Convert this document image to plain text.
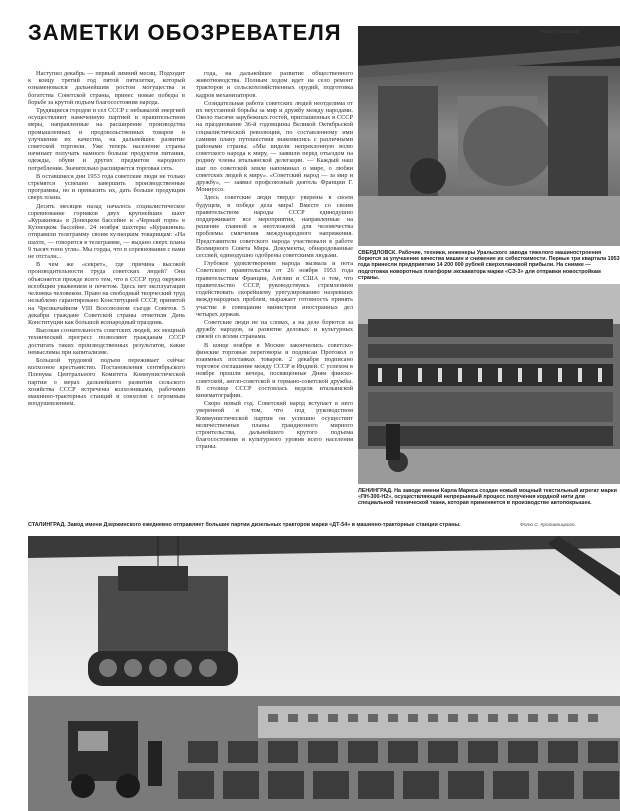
ЗАМЕТКИ ОБОЗРЕВАТЕЛЯ

Наступил декабрь — первый зимний месяц. Подходит к концу третий год пятой пятилетки, который ознаменовался дальнейшим ростом могущества и богатства Советской страны, принес новые победы в борьбе за крутой подъем благосостояния народа.

Трудящиеся городов и сел СССР с небывалой энергией осуществляют намеченную партией и правительством меры, направленные на расширение производства промышленных и продовольственных товаров и улучшение их качества, на дальнейшее развитие советской торговли. Уже теперь население страны начинает получать намного больше продуктов питания, одежды, обуви и других предметов народного потребления. Значительно расширяется торговая сеть.

В оставшиеся дни 1953 года советские люди не только стремятся успешно завершить производственные программы, но и превысить их, дать больше продукции сверх плана.

Десять месяцев назад началось социалистическое соревнование горняков двух крупнейших шахт «Куракинка» в Донецком бассейне и «Черный горн» в Кузнецком бассейне. 24 ноября шахтеры «Куракинки» отправили телеграмму своим кузнецким товарищам: «На шахте, — говорится в телеграмме, — выдано сверх плана 9 тысяч тонн угля». Мы горды, что в соревновании с вами не отстали...

В чем же «секрет», где причина высокой производительности труда советских людей? Она объясняется прежде всего тем, что в СССР труд окружен всеобщим уважением и почетом. Здесь нет эксплуатации человека человеком. Право на свободный творческий труд незыблемо гарантировано Конституцией СССР, принятой на Чрезвычайном VIII Всесоюзном съезде Советов. 5 декабря граждане Советской страны отметили День Конституции как большой всенародный праздник.

Высокая сознательность советских людей, их мощный технический прогресс позволяют гражданам СССР достигать таких производственных результатов, какие немыслимы при капитализме.

Большой трудовой подъем переживает сейчас колхозное крестьянство. Постановления сентябрьского Пленума Центрального Комитета Коммунистической партии о мерах дальнейшего развития сельского хозяйства СССР встречены колхозниками, рабочими машинно-тракторных станций и совхозов с огромным воодушевлением.

года, на дальнейшее развитие общественного животноводства. Полным ходом идет на село ремонт тракторов и сельскохозяйственных орудий, подготовка кадров механизаторов.

Созидательная работа советских людей неотделима от их неустанной борьбы за мир и дружбу между народами. Около тысячи зарубежных гостей, приглашенных в СССР на празднование 36-й годовщины Великой Октябрьской социалистической революции, по составленному ими самими плану путешествия знакомились с различными районами страны. «Мы видели непреклонную волю советского народа к миру, — заявили перед отъездом на родину члены итальянской делегации. — Каждый наш шаг по советской земле напоминал о мире, о любви советских людей к миру». «Советский народ — за мир и дружбу», — заявил профсоюзный деятель Франции Г. Мониуссо.

Здесь советские люди твердо уверены в своем будущем, в победе дела мира! Вместе со своим правительством народы СССР единодушно поддерживают все мероприятия, направленные на решение главной и неотложной для человечества проблемы смягчения международного напряжения. Представители советского народа участвовали в работе Всемирного Совета Мира. Документы, обнародованные сессией, единодушно одобрены советскими людьми.

Глубокое удовлетворение народа вызвала и нота Советского правительства от 26 ноября 1953 года правительствам Франции, Англии и США о том, что правительство СССР, руководствуясь стремлением содействовать скорейшему урегулированию назревших международных проблем, выражает готовность принять участие в совещании министров иностранных дел четырех держав.

Советские люди не на словах, а на деле борются за дружбу народов, за развитие деловых и культурных связей со всеми странами.

В конце ноября в Москве закончились советско-финские торговые переговоры и подписан Протокол о взаимных поставках товаров. 2 декабря подписано торговое соглашение между СССР и Индией. С успехом в ноябре прошли вечера, посвященные Дням финско-советской, англо-советской и германо-советской дружбы. В столице СССР состоялась неделя итальянской кинематографии.

Скоро новый год. Советский народ вступает в него уверенной в том, что под руководством Коммунистической партии он успешно осуществит величественные планы грандиозного мирного строительства, дальнейшего крутого подъема благосостояния и культурного уровня всего населения страны.

СВЕРДЛОВСК. Рабочие, техники, инженеры Уральского завода тяжелого машиностроения борются за улучшение качества машин и снижение их себестоимости. Первые три квартала 1953 года принесли предприятию 14 200 000 рублей сверхплановой прибыли. На снимке — подготовка новоротных платформ экскаватора марки «СЭ-3» для отправки новостройкам страны.
Фото А. Гракина.
ЛЕНИНГРАД. На заводе имени Карла Маркса создан новый мощный текстильный агрегат марки «ПН-300-Н2», осуществляющий непрерывный процесс получения кордной нити для специальной технической ткани, которая применяется в производстве автопокрышек.
СТАЛИНГРАД. Завод имени Дзержинского ежедневно отправляет большие партии дизельных тракторов марки «ДТ-54» в машинно-тракторные станции страны.	Фото С. Кропивницкого.
